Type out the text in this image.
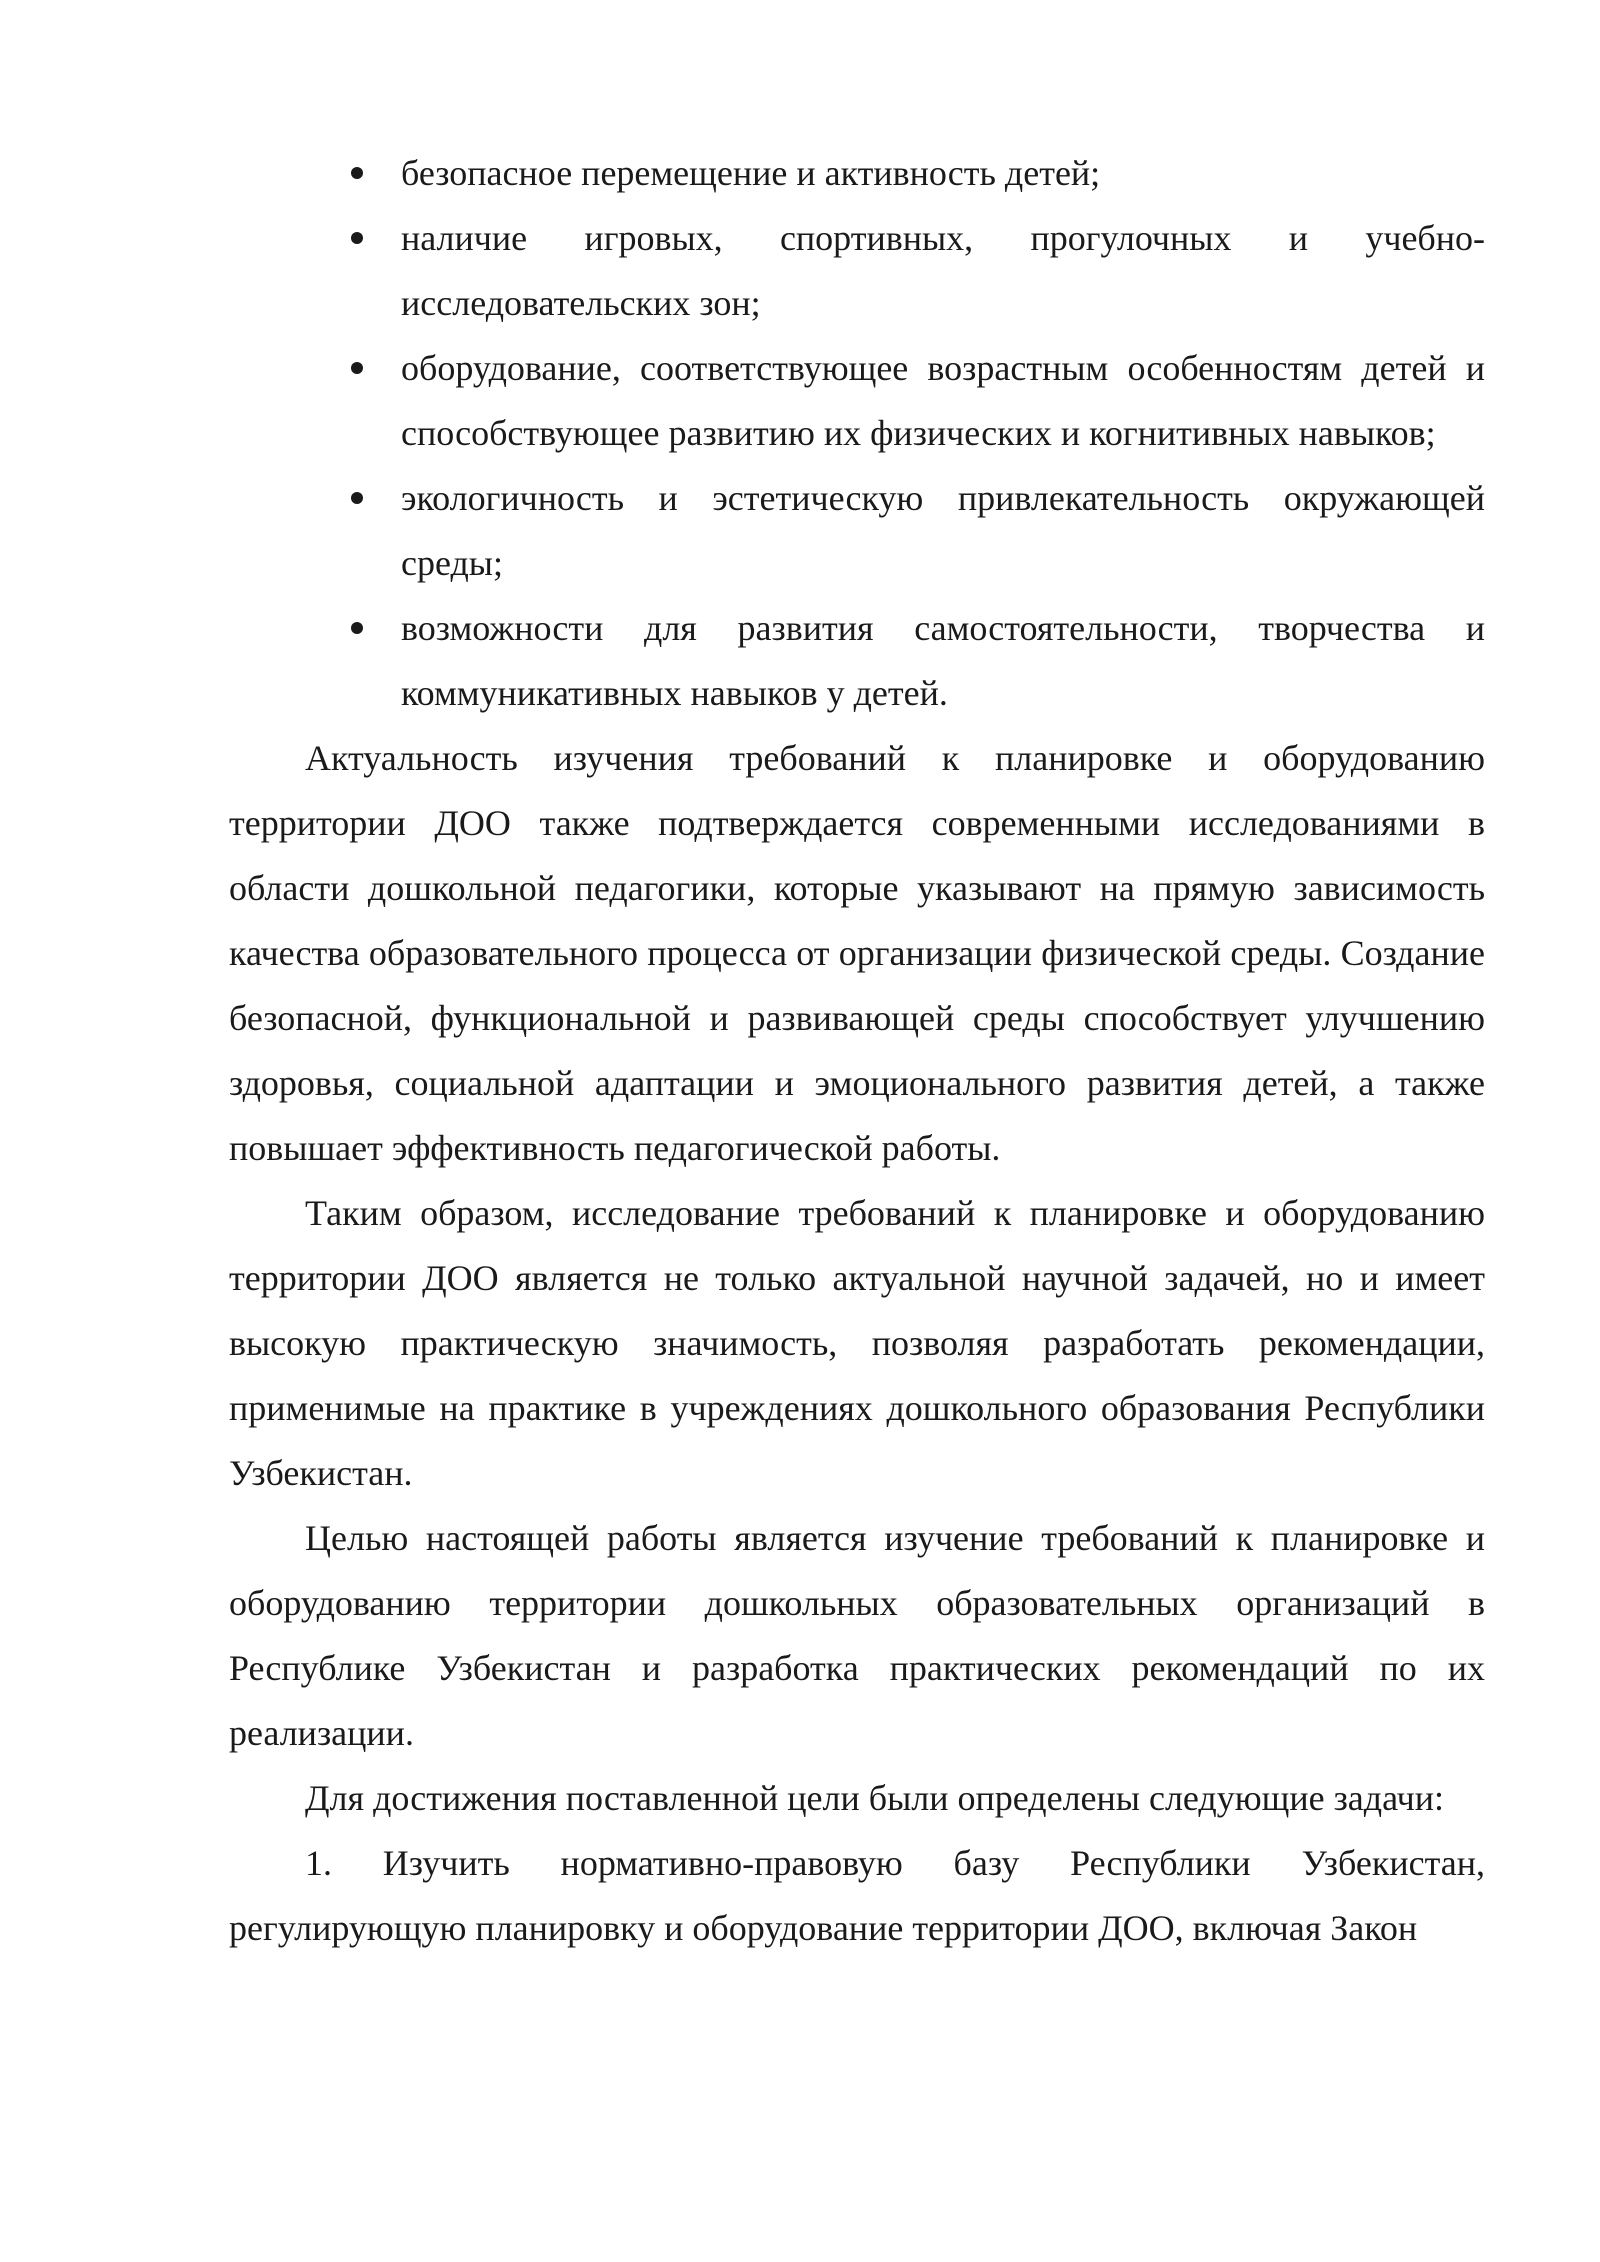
безопасное перемещение и активность детей;
наличие игровых, спортивных, прогулочных и учебно-исследовательских зон;
оборудование, соответствующее возрастным особенностям детей и способствующее развитию их физических и когнитивных навыков;
экологичность и эстетическую привлекательность окружающей среды;
возможности для развития самостоятельности, творчества и коммуникативных навыков у детей.

Актуальность изучения требований к планировке и оборудованию территории ДОО также подтверждается современными исследованиями в области дошкольной педагогики, которые указывают на прямую зависимость качества образовательного процесса от организации физической среды. Создание безопасной, функциональной и развивающей среды способствует улучшению здоровья, социальной адаптации и эмоционального развития детей, а также повышает эффективность педагогической работы.

Таким образом, исследование требований к планировке и оборудованию территории ДОО является не только актуальной научной задачей, но и имеет высокую практическую значимость, позволяя разработать рекомендации, применимые на практике в учреждениях дошкольного образования Республики Узбекистан.

Целью настоящей работы является изучение требований к планировке и оборудованию территории дошкольных образовательных организаций в Республике Узбекистан и разработка практических рекомендаций по их реализации.

Для достижения поставленной цели были определены следующие задачи:

1. Изучить нормативно-правовую базу Республики Узбекистан, регулирующую планировку и оборудование территории ДОО, включая Закон
